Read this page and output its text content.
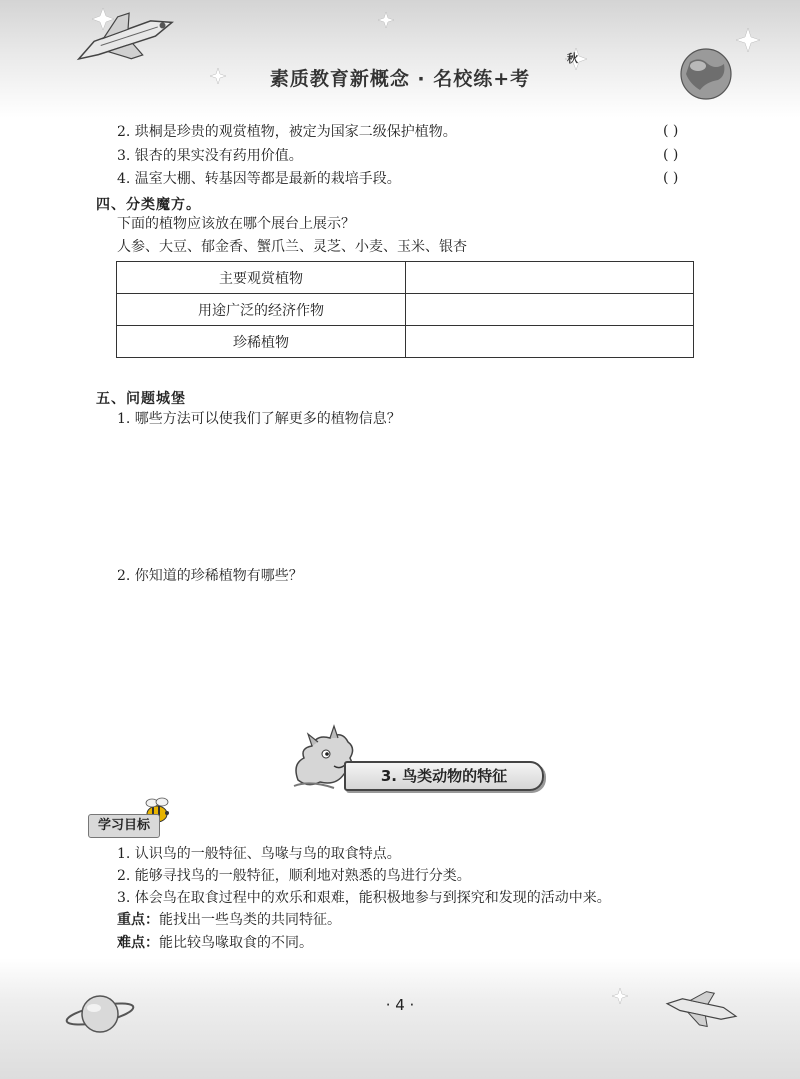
素质教育新概念 · 名校练+考
秋
2. 珙桐是珍贵的观赏植物，被定为国家二级保护植物。	( )
3. 银杏的果实没有药用价值。	( )
4. 温室大棚、转基因等都是最新的栽培手段。	( )
四、分类魔方。
下面的植物应该放在哪个展台上展示？
人参、大豆、郁金香、蟹爪兰、灵芝、小麦、玉米、银杏
主要观赏植物	
用途广泛的经济作物	
珍稀植物	
五、问题城堡
1. 哪些方法可以使我们了解更多的植物信息？
2. 你知道的珍稀植物有哪些？
3. 鸟类动物的特征
学习目标
1. 认识鸟的一般特征、鸟喙与鸟的取食特点。
2. 能够寻找鸟的一般特征，顺利地对熟悉的鸟进行分类。
3. 体会鸟在取食过程中的欢乐和艰难，能积极地参与到探究和发现的活动中来。
重点：能找出一些鸟类的共同特征。
难点：能比较鸟喙取食的不同。
· 4 ·
